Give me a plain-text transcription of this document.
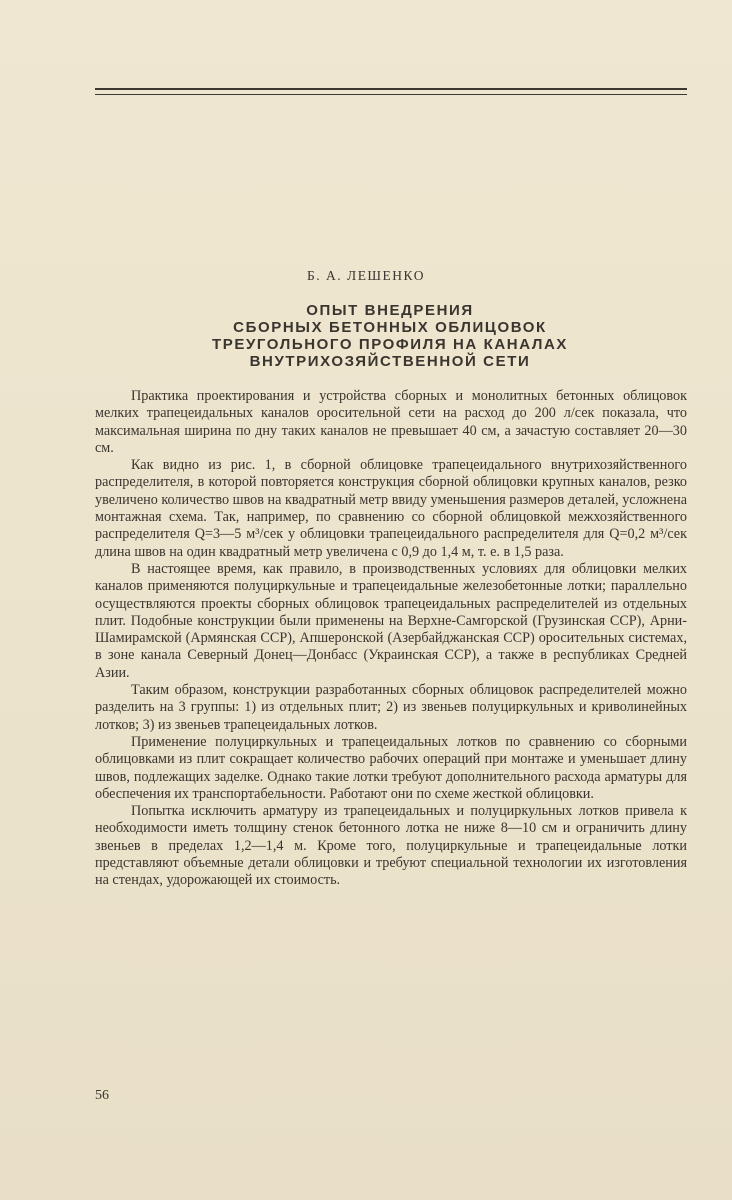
Б. А. ЛЕШЕНКО
ОПЫТ ВНЕДРЕНИЯ
СБОРНЫХ БЕТОННЫХ ОБЛИЦОВОК
ТРЕУГОЛЬНОГО ПРОФИЛЯ НА КАНАЛАХ
ВНУТРИХОЗЯЙСТВЕННОЙ СЕТИ

Практика проектирования и устройства сборных и монолитных бетонных облицовок мелких трапецеидальных каналов оросительной сети на расход до 200 л/сек показала, что максимальная ширина по дну таких каналов не превышает 40 см, а зачастую составляет 20—30 см.

Как видно из рис. 1, в сборной облицовке трапецеидального внутрихозяйственного распределителя, в которой повторяется конструкция сборной облицовки крупных каналов, резко увеличено количество швов на квадратный метр ввиду уменьшения размеров деталей, усложнена монтажная схема. Так, например, по сравнению со сборной облицовкой межхозяйственного распределителя Q=3—5 м³/сек у облицовки трапецеидального распределителя для Q=0,2 м³/сек длина швов на один квадратный метр увеличена с 0,9 до 1,4 м, т. е. в 1,5 раза.

В настоящее время, как правило, в производственных условиях для облицовки мелких каналов применяются полуциркульные и трапецеидальные железобетонные лотки; параллельно осуществляются проекты сборных облицовок трапецеидальных распределителей из отдельных плит. Подобные конструкции были применены на Верхне-Самгорской (Грузинская ССР), Арни-Шамирамской (Армянская ССР), Апшеронской (Азербайджанская ССР) оросительных системах, в зоне канала Северный Донец—Донбасс (Украинская ССР), а также в республиках Средней Азии.

Таким образом, конструкции разработанных сборных облицовок распределителей можно разделить на 3 группы: 1) из отдельных плит; 2) из звеньев полуциркульных и криволинейных лотков; 3) из звеньев трапецеидальных лотков.

Применение полуциркульных и трапецеидальных лотков по сравнению со сборными облицовками из плит сокращает количество рабочих операций при монтаже и уменьшает длину швов, подлежащих заделке. Однако такие лотки требуют дополнительного расхода арматуры для обеспечения их транспортабельности. Работают они по схеме жесткой облицовки.

Попытка исключить арматуру из трапецеидальных и полуциркульных лотков привела к необходимости иметь толщину стенок бетонного лотка не ниже 8—10 см и ограничить длину звеньев в пределах 1,2—1,4 м. Кроме того, полуциркульные и трапецеидальные лотки представляют объемные детали облицовки и требуют специальной технологии их изготовления на стендах, удорожающей их стоимость.

56
